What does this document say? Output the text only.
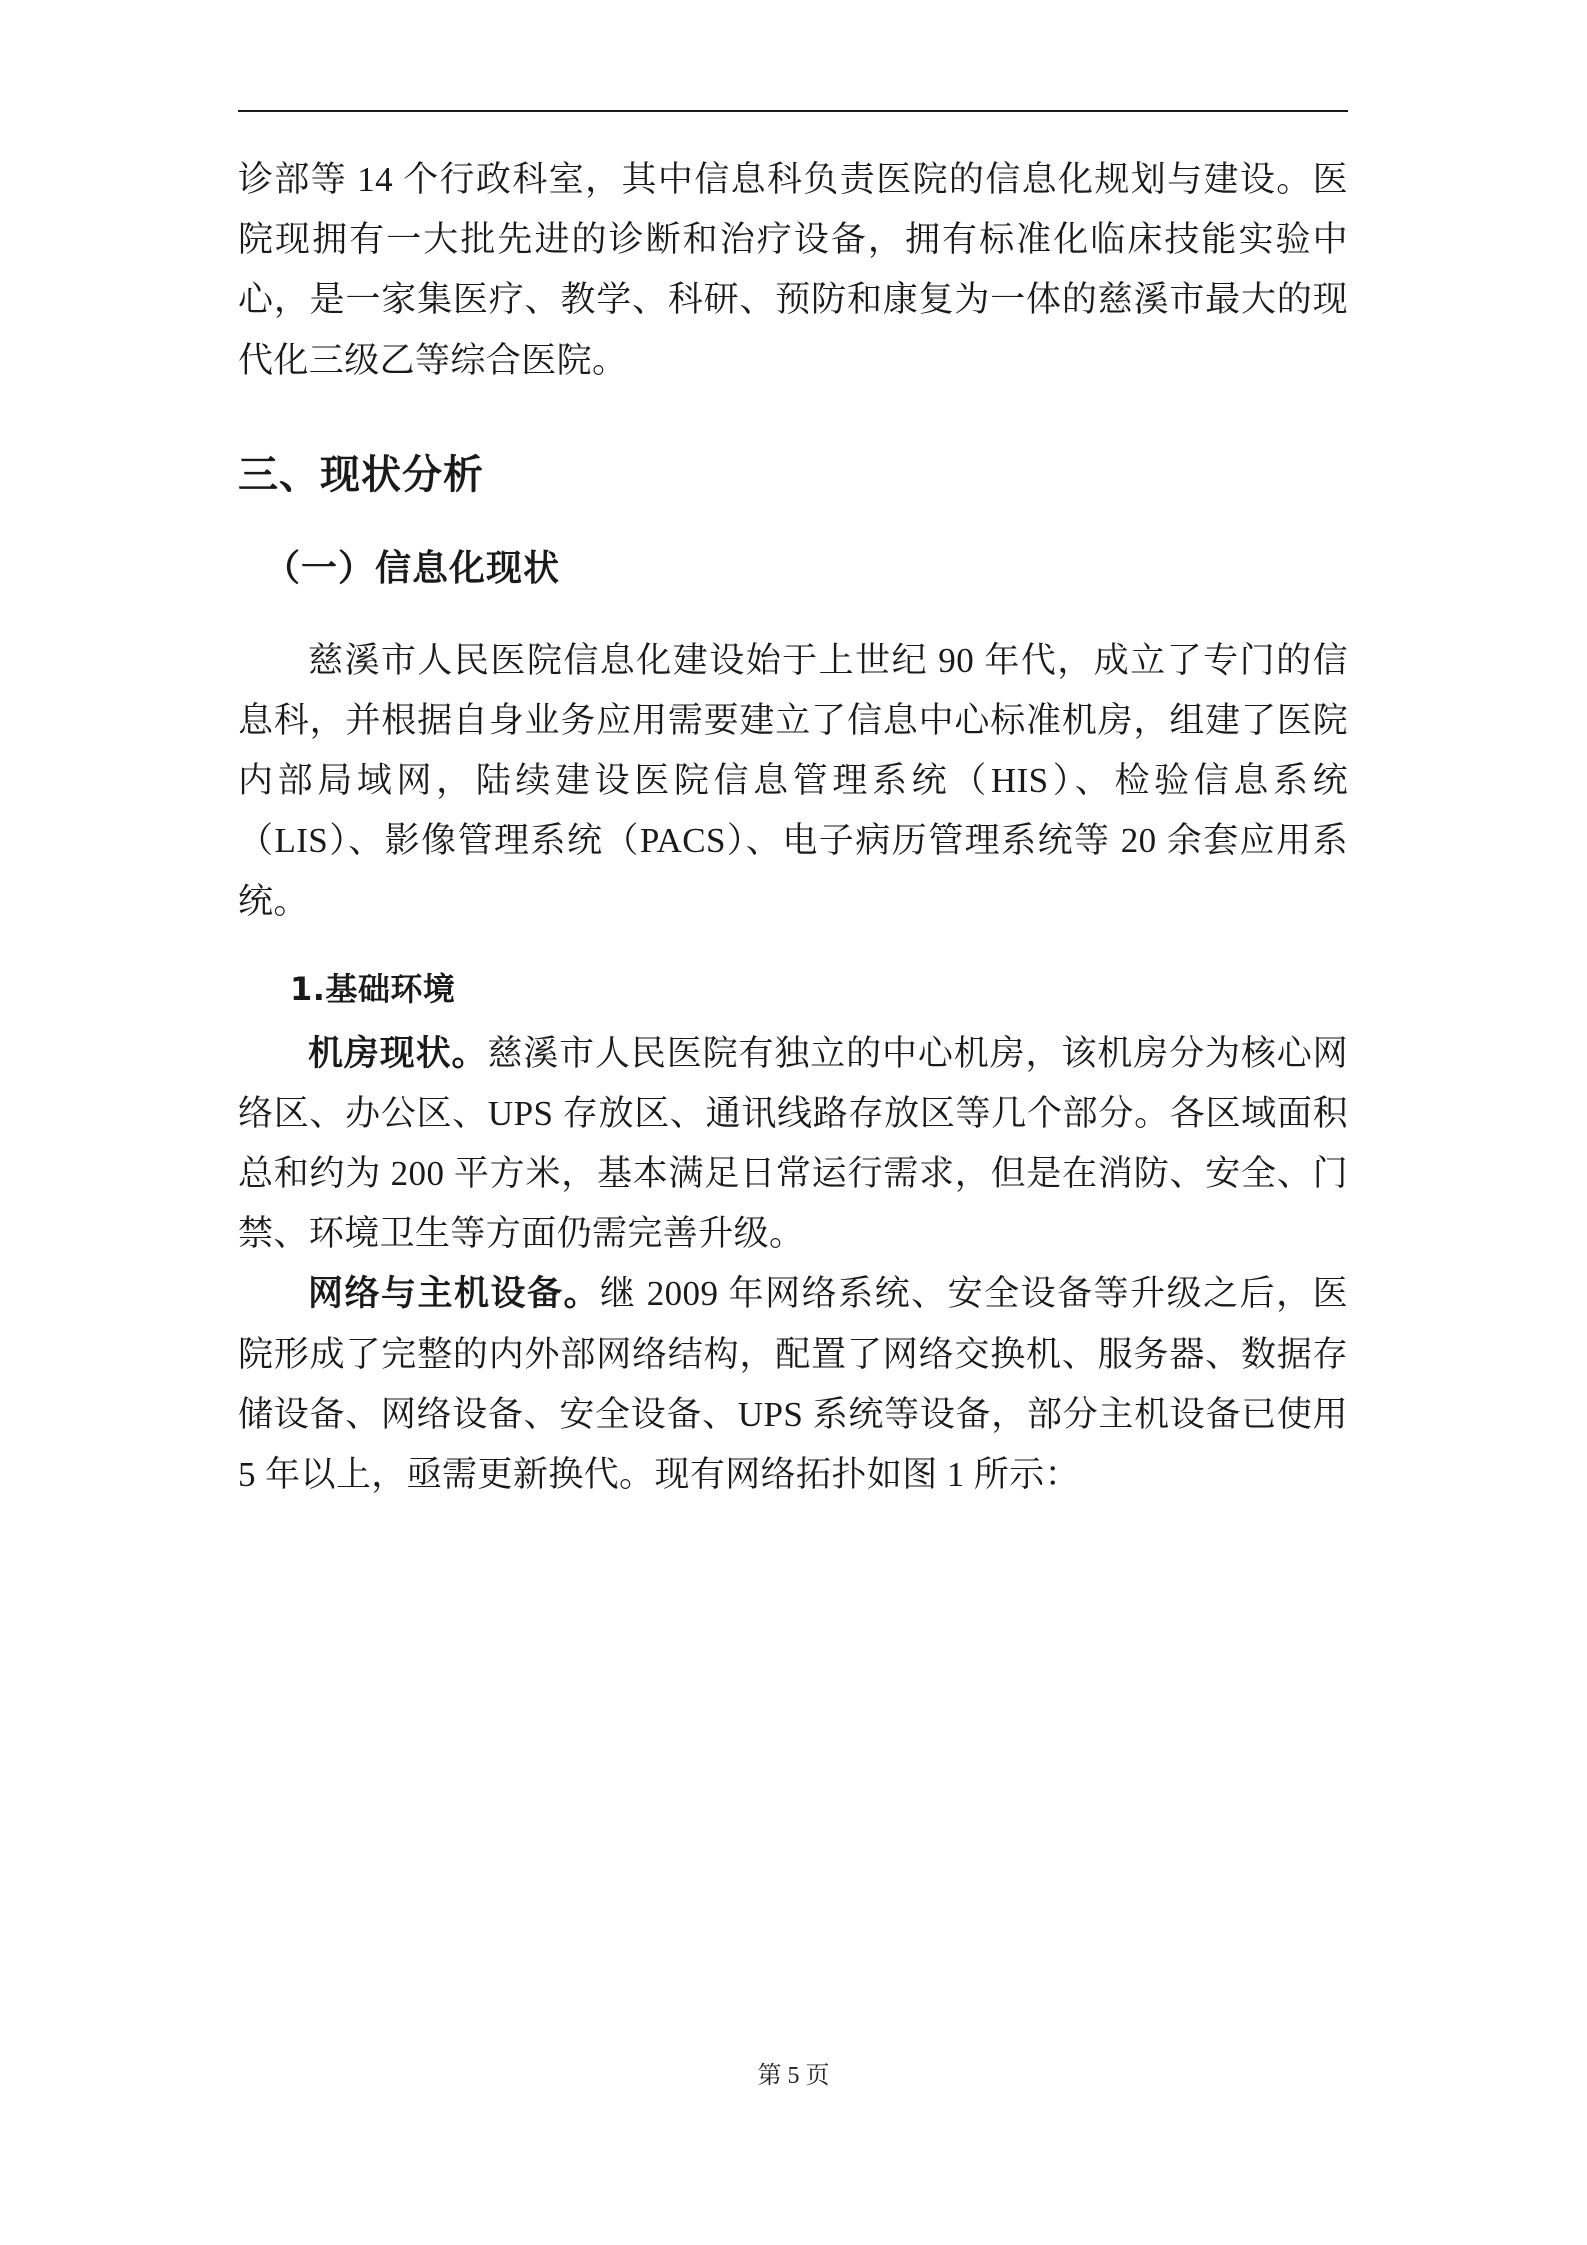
诊部等 14 个行政科室，其中信息科负责医院的信息化规划与建设。医院现拥有一大批先进的诊断和治疗设备，拥有标准化临床技能实验中心，是一家集医疗、教学、科研、预防和康复为一体的慈溪市最大的现代化三级乙等综合医院。

三、现状分析
（一）信息化现状

慈溪市人民医院信息化建设始于上世纪 90 年代，成立了专门的信息科，并根据自身业务应用需要建立了信息中心标准机房，组建了医院内部局域网，陆续建设医院信息管理系统（HIS）、检验信息系统（LIS）、影像管理系统（PACS）、电子病历管理系统等 20 余套应用系统。

1.基础环境

机房现状。慈溪市人民医院有独立的中心机房，该机房分为核心网络区、办公区、UPS 存放区、通讯线路存放区等几个部分。各区域面积总和约为 200 平方米，基本满足日常运行需求，但是在消防、安全、门禁、环境卫生等方面仍需完善升级。

网络与主机设备。继 2009 年网络系统、安全设备等升级之后，医院形成了完整的内外部网络结构，配置了网络交换机、服务器、数据存储设备、网络设备、安全设备、UPS 系统等设备，部分主机设备已使用 5 年以上，亟需更新换代。现有网络拓扑如图 1 所示：

第 5 页
